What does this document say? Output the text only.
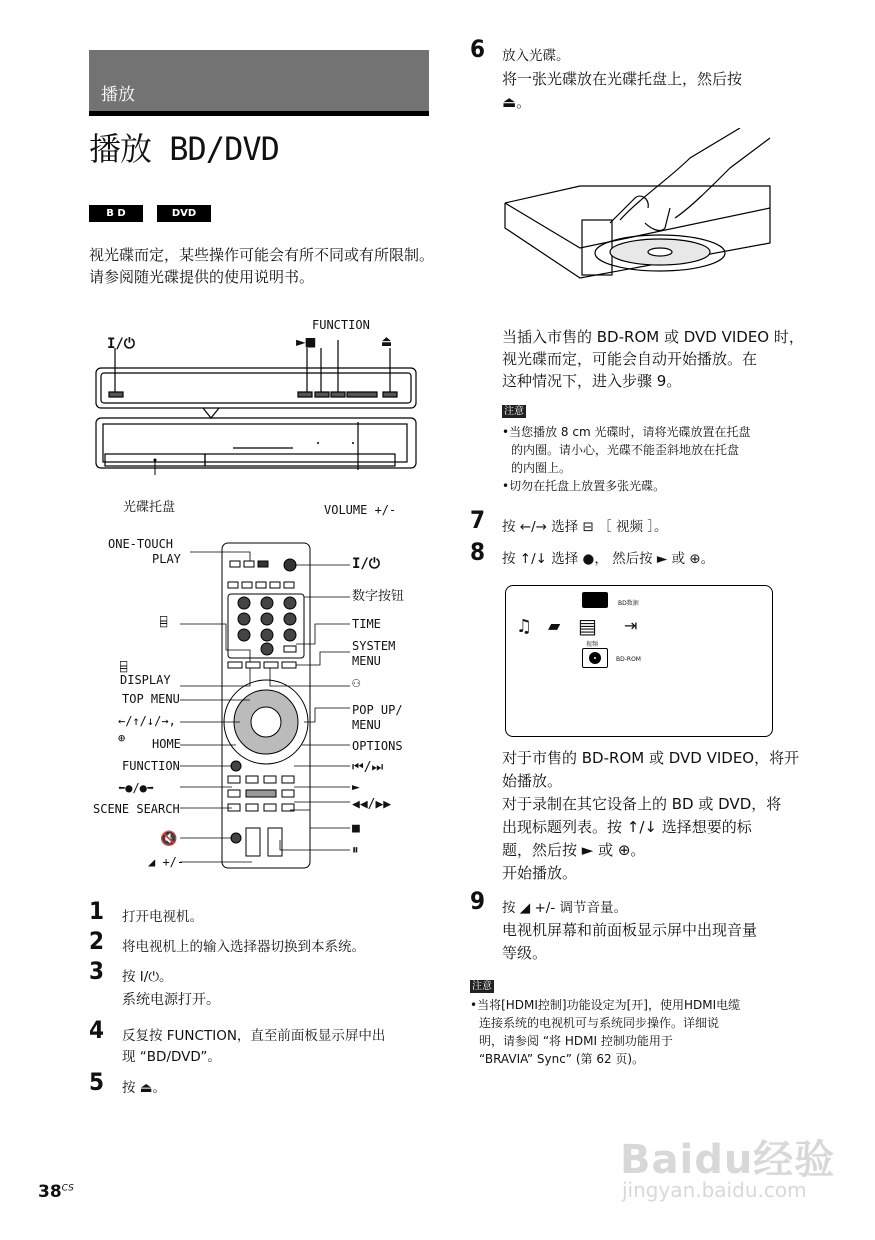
播放
播放 BD/DVD
B D	DVD
视光碟而定，某些操作可能会有所不同或有所限制。
请参阅随光碟提供的使用说明书。
I/⏻
FUNCTION
►■	⏏
光碟托盘	VOLUME +/-
ONE-TOUCH
PLAY
⌸
⌸
DISPLAY
TOP MENU
←/↑/↓/→,
⊕ HOME
FUNCTION
⬅●/●➡
SCENE SEARCH
🔇
◢ +/-
I/⏻
数字按钮
TIME
SYSTEM
MENU
⚇
POP UP/
MENU
OPTIONS
⏮/⏭
►
◀◀/▶▶
■
⏸
1 打开电视机。
2 将电视机上的输入选择器切换到本系统。
3 按 I/⏻。
系统电源打开。
4 反复按 FUNCTION，直至前面板显示屏中出
现 “BD/DVD”。
5 按 ⏏。
6 放入光碟。
将一张光碟放在光碟托盘上，然后按
⏏。
当插入市售的 BD-ROM 或 DVD VIDEO 时，
视光碟而定，可能会自动开始播放。在
这种情况下，进入步骤 9。
注意
•当您播放 8 cm 光碟时，请将光碟放置在托盘
的内圈。请小心，光碟不能歪斜地放在托盘
的内圈上。
•切勿在托盘上放置多张光碟。
7 按 ←/→ 选择 ⊟ ［ 视频 ］。
8 按 ↑/↓ 选择 ●， 然后按 ► 或 ⊕。
BD数据
♫ ▰ ▤ ⇥
视频
BD-ROM
对于市售的 BD-ROM 或 DVD VIDEO，将开
始播放。
对于录制在其它设备上的 BD 或 DVD，将
出现标题列表。按 ↑/↓ 选择想要的标
题，然后按 ► 或 ⊕。
开始播放。
9 按 ◢ +/- 调节音量。
电视机屏幕和前面板显示屏中出现音量
等级。
注意
•当将[HDMI控制]功能设定为[开]，使用HDMI电缆
连接系统的电视机可与系统同步操作。详细说
明，请参阅 “将 HDMI 控制功能用于
“BRAVIA” Sync” (第 62 页)。
$38^{CS}$
Baidu经验
jingyan.baidu.com
